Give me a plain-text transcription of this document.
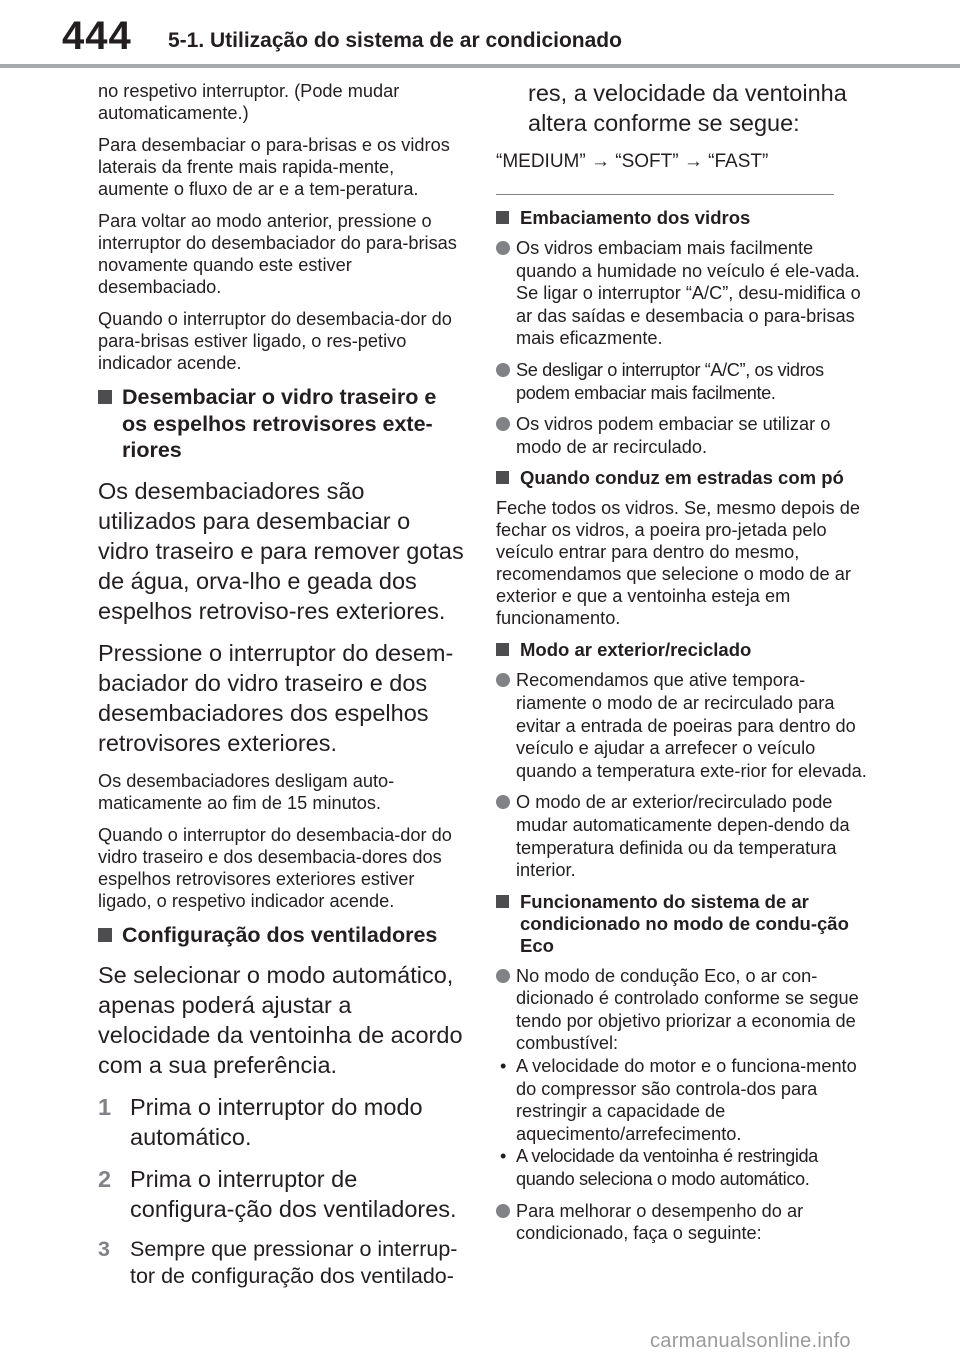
444 5-1. Utilização do sistema de ar condicionado

no respetivo interruptor. (Pode mudar automaticamente.)

Para desembaciar o para-brisas e os vidros laterais da frente mais rapida-mente, aumente o fluxo de ar e a tem-peratura.

Para voltar ao modo anterior, pressione o interruptor do desembaciador do para-brisas novamente quando este estiver desembaciado.

Quando o interruptor do desembacia-dor do para-brisas estiver ligado, o res-petivo indicador acende.

Desembaciar o vidro traseiro e os espelhos retrovisores exte-riores

Os desembaciadores são utilizados para desembaciar o vidro traseiro e para remover gotas de água, orva-lho e geada dos espelhos retroviso-res exteriores.

Pressione o interruptor do desem-baciador do vidro traseiro e dos desembaciadores dos espelhos retrovisores exteriores.

Os desembaciadores desligam auto-maticamente ao fim de 15 minutos.

Quando o interruptor do desembacia-dor do vidro traseiro e dos desembacia-dores dos espelhos retrovisores exteriores estiver ligado, o respetivo indicador acende.

Configuração dos ventiladores

Se selecionar o modo automático, apenas poderá ajustar a velocidade da ventoinha de acordo com a sua preferência.

1 Prima o interruptor do modo automático.
2 Prima o interruptor de configura-ção dos ventiladores.
3 Sempre que pressionar o interrup-tor de configuração dos ventilado-

res, a velocidade da ventoinha altera conforme se segue:

“MEDIUM” → “SOFT” → “FAST”

Embaciamento dos vidros
Os vidros embaciam mais facilmente quando a humidade no veículo é ele-vada. Se ligar o interruptor “A/C”, desu-midifica o ar das saídas e desembacia o para-brisas mais eficazmente.
Se desligar o interruptor “A/C”, os vidros podem embaciar mais facilmente.
Os vidros podem embaciar se utilizar o modo de ar recirculado.
Quando conduz em estradas com pó

Feche todos os vidros. Se, mesmo depois de fechar os vidros, a poeira pro-jetada pelo veículo entrar para dentro do mesmo, recomendamos que selecione o modo de ar exterior e que a ventoinha esteja em funcionamento.

Modo ar exterior/reciclado
Recomendamos que ative tempora-riamente o modo de ar recirculado para evitar a entrada de poeiras para dentro do veículo e ajudar a arrefecer o veículo quando a temperatura exte-rior for elevada.
O modo de ar exterior/recirculado pode mudar automaticamente depen-dendo da temperatura definida ou da temperatura interior.
Funcionamento do sistema de ar condicionado no modo de condu-ção Eco
No modo de condução Eco, o ar con-dicionado é controlado conforme se segue tendo por objetivo priorizar a economia de combustível:

• A velocidade do motor e o funciona-mento do compressor são controla-dos para restringir a capacidade de aquecimento/arrefecimento.

• A velocidade da ventoinha é restringida quando seleciona o modo automático.

Para melhorar o desempenho do ar condicionado, faça o seguinte:
carmanualsonline.info
